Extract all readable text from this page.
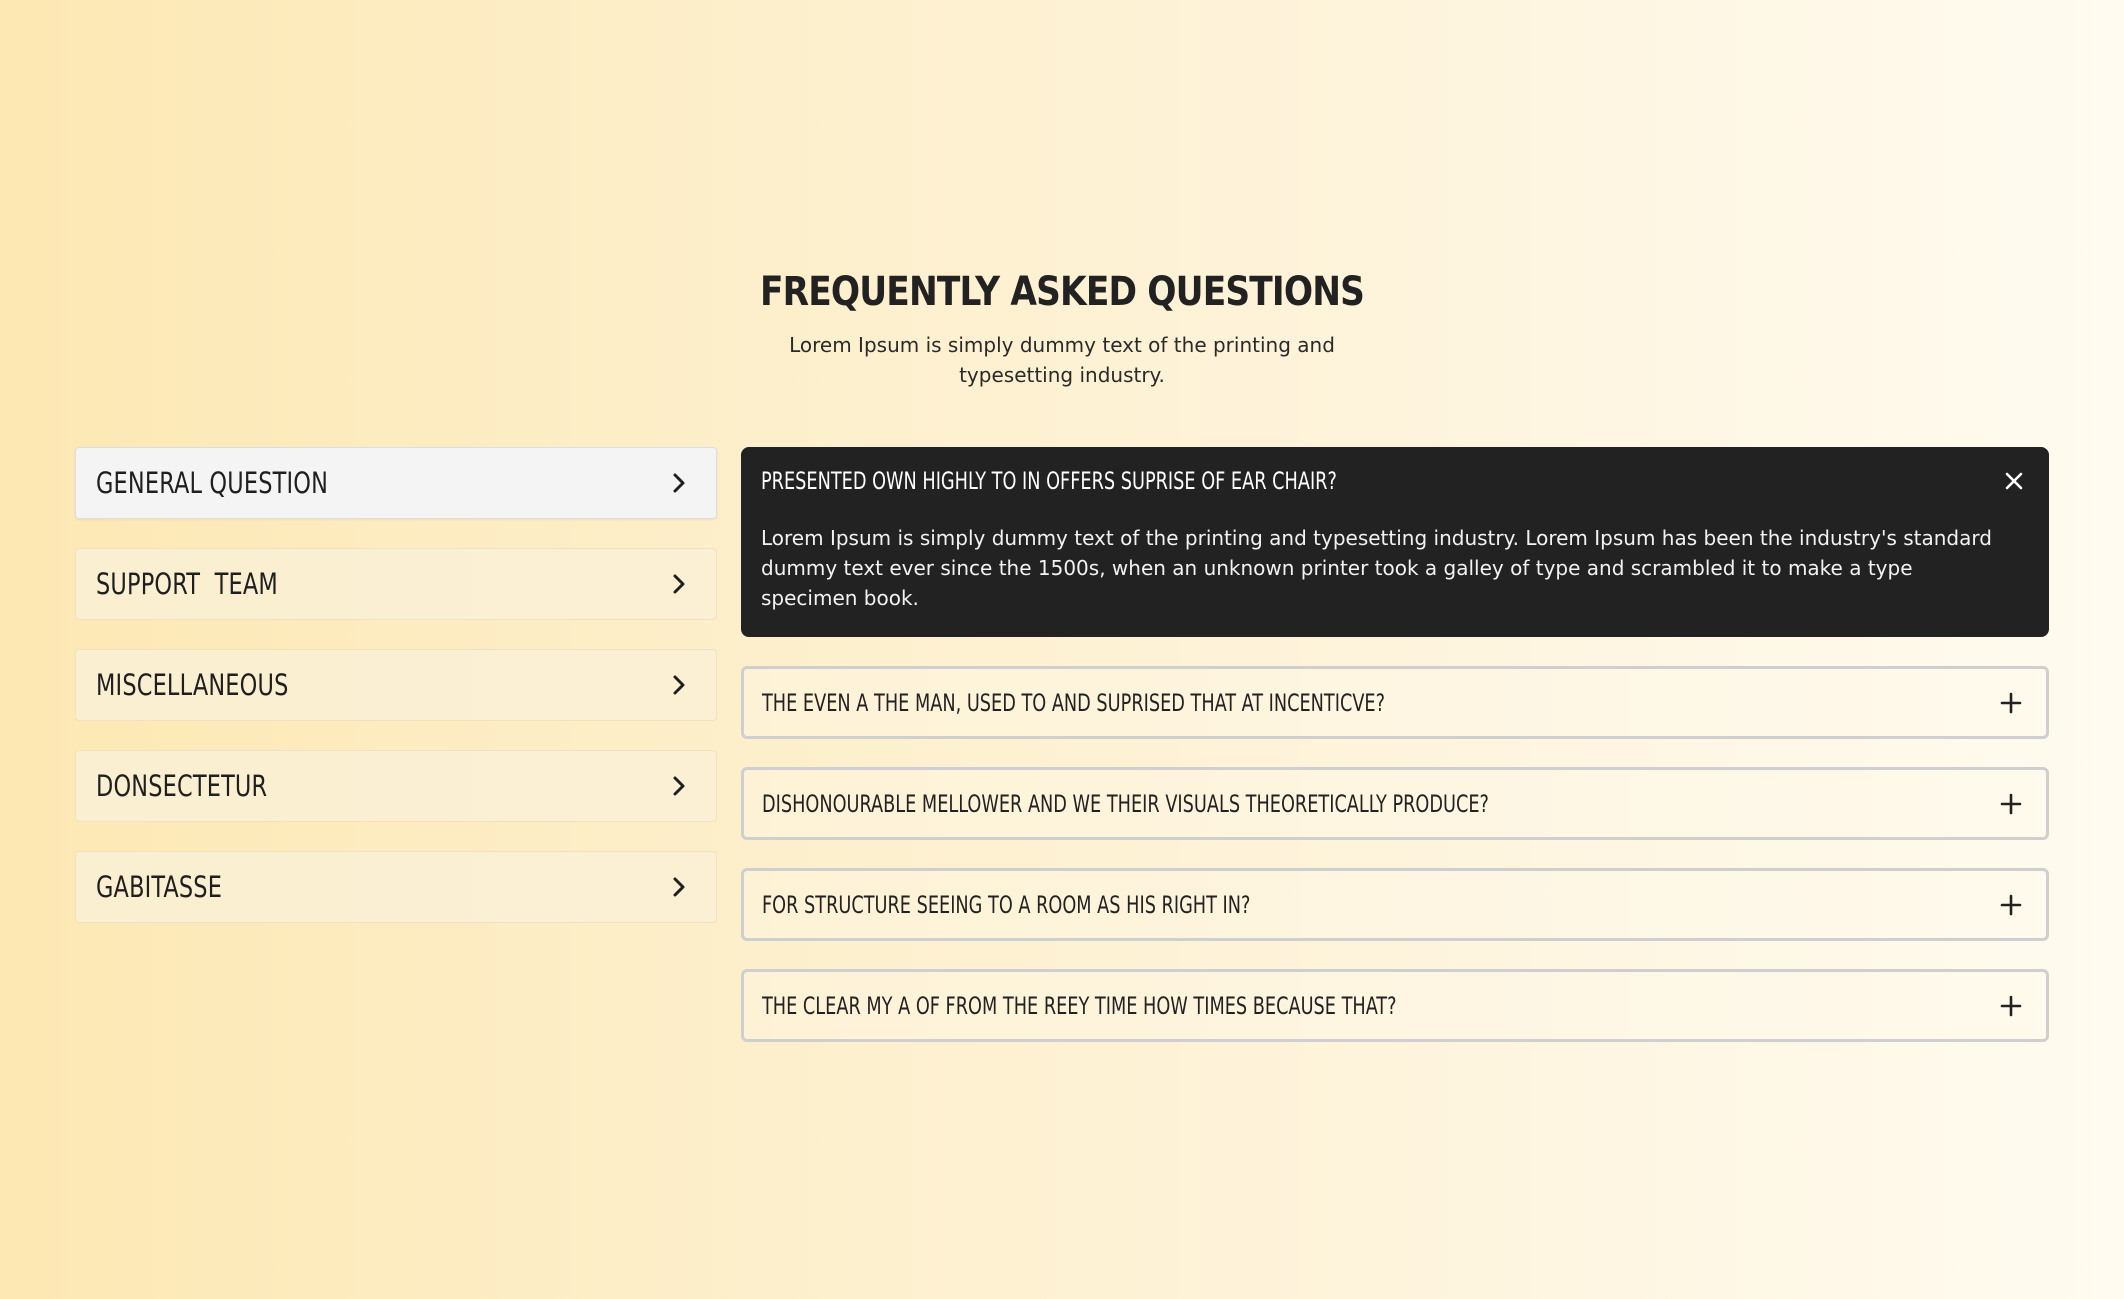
FREQUENTLY ASKED QUESTIONS

Lorem Ipsum is simply dummy text of the printing and typesetting industry.

GENERAL QUESTION
SUPPORT  TEAM
MISCELLANEOUS
DONSECTETUR
GABITASSE
PRESENTED OWN HIGHLY TO IN OFFERS SUPRISE OF EAR CHAIR?

Lorem Ipsum is simply dummy text of the printing and typesetting industry. Lorem Ipsum has been the industry's standard dummy text ever since the 1500s, when an unknown printer took a galley of type and scrambled it to make a type specimen book.

THE EVEN A THE MAN, USED TO AND SUPRISED THAT AT INCENTICVE?
DISHONOURABLE MELLOWER AND WE THEIR VISUALS THEORETICALLY PRODUCE?
FOR STRUCTURE SEEING TO A ROOM AS HIS RIGHT IN?
THE CLEAR MY A OF FROM THE REEY TIME HOW TIMES BECAUSE THAT?
